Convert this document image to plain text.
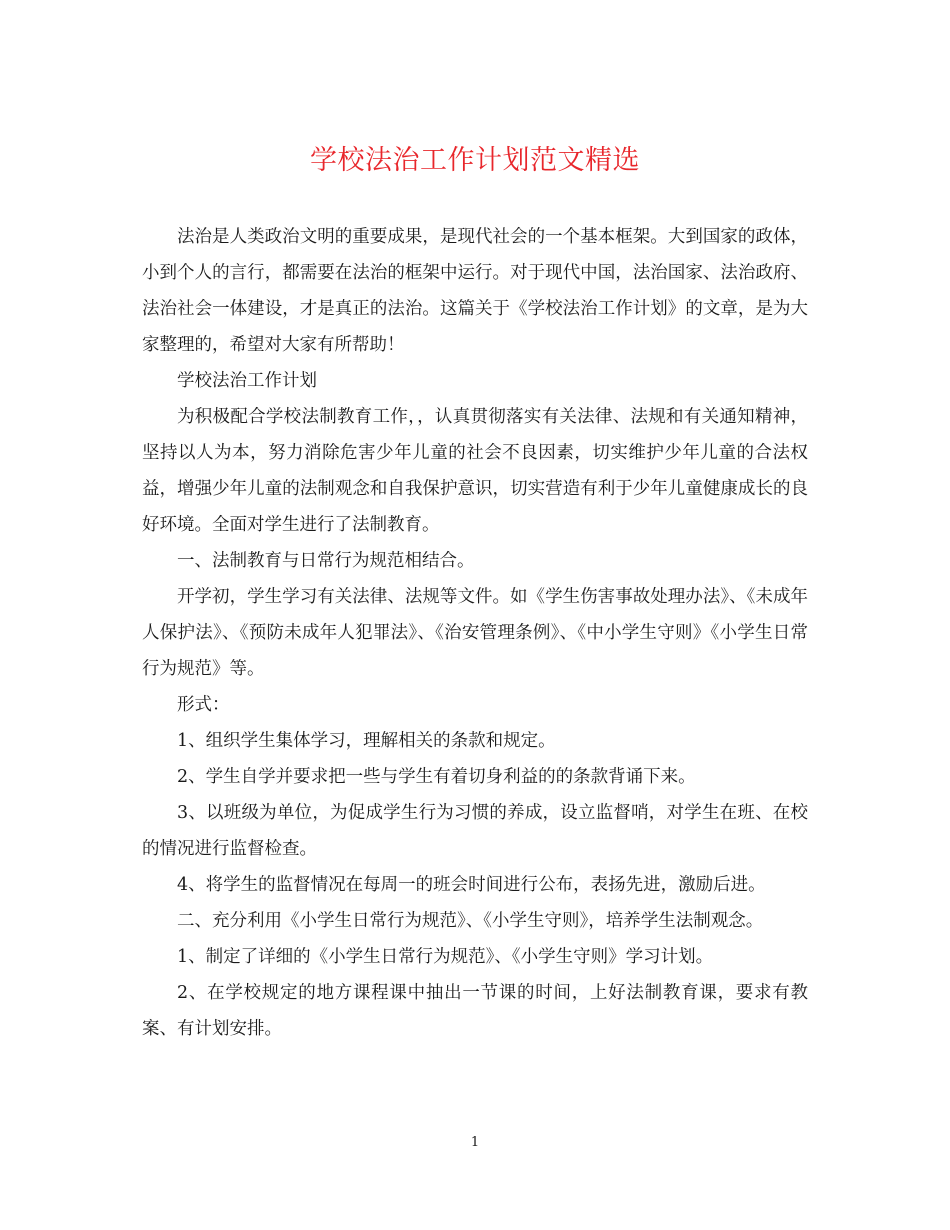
学校法治工作计划范文精选

法治是人类政治文明的重要成果，是现代社会的一个基本框架。大到国家的政体，小到个人的言行，都需要在法治的框架中运行。对于现代中国，法治国家、法治政府、法治社会一体建设，才是真正的法治。这篇关于《学校法治工作计划》的文章，是为大家整理的，希望对大家有所帮助！

学校法治工作计划

为积极配合学校法制教育工作，，认真贯彻落实有关法律、法规和有关通知精神，坚持以人为本，努力消除危害少年儿童的社会不良因素，切实维护少年儿童的合法权益，增强少年儿童的法制观念和自我保护意识，切实营造有利于少年儿童健康成长的良好环境。全面对学生进行了法制教育。

一、法制教育与日常行为规范相结合。

开学初，学生学习有关法律、法规等文件。如《学生伤害事故处理办法》、《未成年人保护法》、《预防未成年人犯罪法》、《治安管理条例》、《中小学生守则》《小学生日常行为规范》等。

形式：

1、组织学生集体学习，理解相关的条款和规定。

2、学生自学并要求把一些与学生有着切身利益的的条款背诵下来。

3、以班级为单位，为促成学生行为习惯的养成，设立监督哨，对学生在班、在校的情况进行监督检查。

4、将学生的监督情况在每周一的班会时间进行公布，表扬先进，激励后进。

二、充分利用《小学生日常行为规范》、《小学生守则》，培养学生法制观念。

1、制定了详细的《小学生日常行为规范》、《小学生守则》学习计划。

2、在学校规定的地方课程课中抽出一节课的时间，上好法制教育课，要求有教案、有计划安排。

1
